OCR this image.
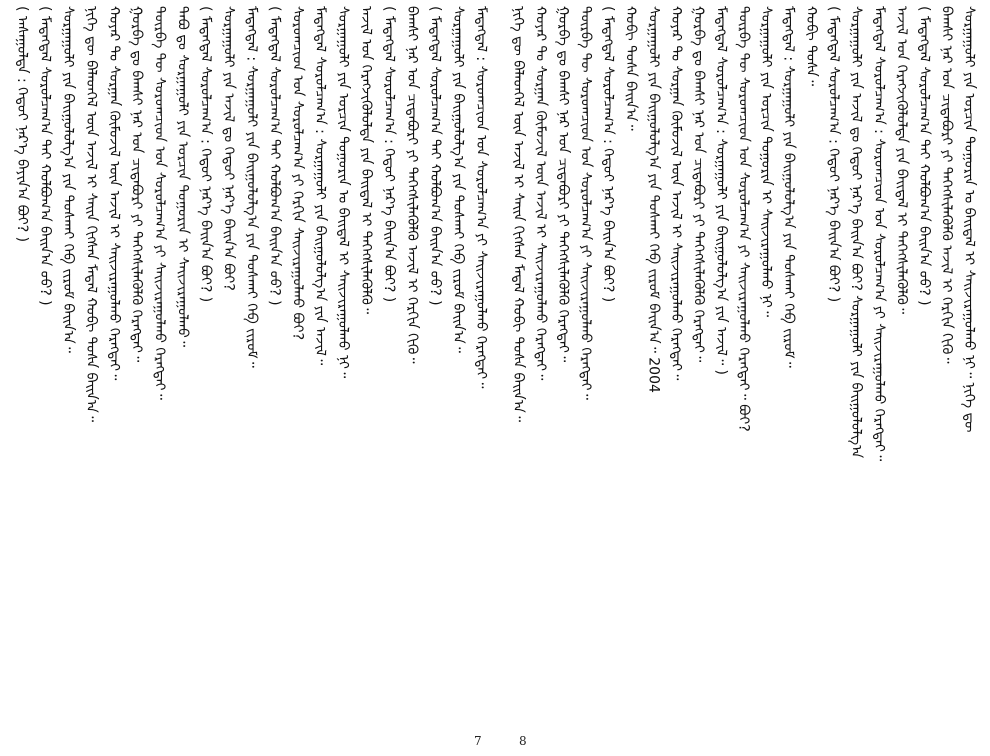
( ᠠᠰᠠᠭᠤᠯᠲᠠ : ᠬᠡᠳᠦᠢ ᠨᠡᠷ᠎ᠡ ᠪᠠᠶᠢᠨ᠎ᠠ ᠪᠤᠢ? ) ( ᠮᠡᠳᠡᠭᠳᠡᠯ ᠰᠤᠷᠤᠯᠴᠠᠭ᠎ᠠ ᠲᠠᠢ ᠬᠤᠯᠪᠤᠭ᠎ᠠ ᠪᠠᠢᠨ᠎ᠠ ᠤᠤ? ) ᠰᠤᠷᠭᠠᠭᠤᠯᠢ ᠶᠢᠨ ᠪᠠᠢᠭᠤᠯᠤᠯᠭ᠎ᠠ ᠶᠢᠨ ᠲᠤᠰᠬᠠᠢ ᠬᠡᠪ ᠵᠢᠷᠤᠮ ᠪᠠᠢᠨ᠎ᠠ᠃ ᠨᠢᠭᠡ ᠳᠦ ᠪᠡᠯᠡᠳᠬᠡᠯ ᠦᠨ ᠠᠵᠢᠯ ᠢ ᠰᠠᠢᠨ ᠬᠢᠭᠰᠡᠨ ᠮᠠᠲᠠᠯ ᠬᠤᠪᠢ ᠲᠤᠰᠠ ᠪᠠᠢᠨ᠎ᠠ᠃ ᠬᠤᠶᠠᠷ ᠲᠤ ᠰᠤᠷᠭᠠᠨ ᠬᠦᠮᠦᠵᠢᠯ ᠦᠨ ᠠᠵᠢᠯ ᠢ ᠰᠠᠢᠵᠢᠷᠠᠭᠤᠯᠬᠤ ᠬᠡᠷᠡᠭᠲᠡᠢ᠃ ᠭᠤᠷᠪᠠ ᠳᠤ ᠪᠠᠭᠰᠢ ᠨᠠᠷ ᠤᠨ ᠴᠢᠳᠠᠪᠤᠷᠢ ᠶᠢ ᠳᠡᠭᠡᠭᠰᠢᠯᠡᠭᠦᠯᠬᠦ ᠬᠡᠷᠡᠭᠲᠡᠢ᠃ ᠳᠦᠷᠪᠡ ᠲᠦ ᠰᠤᠷᠤᠭᠴᠢᠳ ᠤᠨ ᠰᠤᠷᠤᠯᠴᠠᠭ᠎ᠠ ᠶᠢ ᠰᠠᠢᠵᠢᠷᠠᠭᠤᠯᠬᠤ ᠬᠡᠷᠡᠭᠲᠡᠢ᠃ ᠲᠠᠪᠤ ᠳᠤ ᠰᠤᠷᠭᠠᠭᠤᠯᠢ ᠶᠢᠨ ᠣᠷᠴᠢᠨ ᠲᠣᠭᠣᠷᠢᠨ ᠢ ᠰᠠᠢᠵᠢᠷᠠᠭᠤᠯᠬᠤ᠃ ( ᠮᠡᠳᠡᠭᠳᠡᠯ ᠰᠤᠷᠤᠯᠴᠠᠭ᠎ᠠ : ᠬᠡᠳᠦᠢ ᠨᠡᠷ᠎ᠡ ᠪᠠᠢᠨ᠎ᠠ ᠪᠤᠢ? ) ᠰᠤᠷᠭᠠᠭᠤᠯᠢ ᠶᠢᠨ ᠠᠵᠢᠯ ᠳᠤ ᠬᠡᠳᠦᠢ ᠨᠡᠷ᠎ᠡ ᠪᠠᠢᠨ᠎ᠠ ᠪᠤᠢ? ᠮᠡᠳᠡᠭᠳᠡᠯ : ᠰᠤᠷᠭᠠᠭᠤᠯᠢ ᠶᠢᠨ ᠪᠠᠢᠭᠤᠯᠤᠯᠭ᠎ᠠ ᠶᠢᠨ ᠲᠤᠰᠬᠠᠢ ᠬᠡᠪ ᠵᠢᠷᠤᠮ᠃ ( ᠮᠡᠳᠡᠭᠳᠡᠯ ᠰᠤᠷᠤᠯᠴᠠᠭ᠎ᠠ ᠲᠠᠢ ᠬᠤᠯᠪᠤᠭ᠎ᠠ ᠪᠠᠢᠨ᠎ᠠ ᠤᠤ? ) ᠰᠤᠷᠤᠭᠴᠢᠳ ᠤᠨ ᠰᠤᠷᠤᠯᠴᠠᠭ᠎ᠠ ᠶᠢ ᠬᠡᠷᠬᠢᠨ ᠰᠠᠢᠵᠢᠷᠠᠭᠤᠯᠬᠤ ᠪᠤᠢ? ᠮᠡᠳᠡᠭᠳᠡᠯ ᠰᠤᠷᠤᠯᠴᠠᠭ᠎ᠠ : ᠰᠤᠷᠭᠠᠭᠤᠯᠢ ᠶᠢᠨ ᠪᠠᠢᠭᠤᠯᠤᠯᠭ᠎ᠠ ᠶᠢᠨ ᠠᠵᠢᠯ᠃ ᠰᠤᠷᠭᠠᠭᠤᠯᠢ ᠶᠢᠨ ᠣᠷᠴᠢᠨ ᠲᠣᠭᠣᠷᠢᠨ ᠤ ᠪᠠᠢᠳᠠᠯ ᠢ ᠰᠠᠢᠵᠢᠷᠠᠭᠤᠯᠬᠤ ᠨᠢ᠃ ᠠᠵᠢᠯ ᠤᠨ ᠬᠡᠷᠡᠭᠵᠢᠭᠦᠯᠦᠯᠲᠡ ᠶᠢᠨ ᠪᠠᠢᠳᠠᠯ ᠢ ᠳᠡᠭᠡᠭᠰᠢᠯᠡᠭᠦᠯᠬᠦ᠃ ( ᠮᠡᠳᠡᠭᠳᠡᠯ ᠰᠤᠷᠤᠯᠴᠠᠭ᠎ᠠ : ᠬᠡᠳᠦᠢ ᠨᠡᠷ᠎ᠡ ᠪᠠᠢᠨ᠎ᠠ ᠪᠤᠢ? ) ᠪᠠᠭᠰᠢ ᠨᠠᠷ ᠤᠨ ᠴᠢᠳᠠᠪᠤᠷᠢ ᠶᠢ ᠳᠡᠭᠡᠭᠰᠢᠯᠡᠭᠦᠯᠬᠦ ᠠᠵᠢᠯ ᠢ ᠬᠡᠷᠬᠢᠨ ᠬᠢᠬᠦ᠃ ( ᠮᠡᠳᠡᠭᠳᠡᠯ ᠰᠤᠷᠤᠯᠴᠠᠭ᠎ᠠ ᠲᠠᠢ ᠬᠤᠯᠪᠤᠭ᠎ᠠ ᠪᠠᠢᠨ᠎ᠠ ᠤᠤ? ) ᠰᠤᠷᠭᠠᠭᠤᠯᠢ ᠶᠢᠨ ᠪᠠᠢᠭᠤᠯᠤᠯᠭ᠎ᠠ ᠶᠢᠨ ᠲᠤᠰᠬᠠᠢ ᠬᠡᠪ ᠵᠢᠷᠤᠮ ᠪᠠᠢᠨ᠎ᠠ᠃ ᠮᠡᠳᠡᠭᠳᠡᠯ : ᠰᠤᠷᠤᠭᠴᠢᠳ ᠤᠨ ᠰᠤᠷᠤᠯᠴᠠᠭ᠎ᠠ ᠶᠢ ᠰᠠᠢᠵᠢᠷᠠᠭᠤᠯᠬᠤ ᠬᠡᠷᠡᠭᠲᠡᠢ᠃ ᠨᠢᠭᠡ ᠳᠦ ᠪᠡᠯᠡᠳᠬᠡᠯ ᠦᠨ ᠠᠵᠢᠯ ᠢ ᠰᠠᠢᠨ ᠬᠢᠭᠰᠡᠨ ᠮᠠᠲᠠᠯ ᠬᠤᠪᠢ ᠲᠤᠰᠠ ᠪᠠᠢᠨ᠎ᠠ᠃ ᠬᠤᠶᠠᠷ ᠲᠤ ᠰᠤᠷᠭᠠᠨ ᠬᠦᠮᠦᠵᠢᠯ ᠦᠨ ᠠᠵᠢᠯ ᠢ ᠰᠠᠢᠵᠢᠷᠠᠭᠤᠯᠬᠤ ᠬᠡᠷᠡᠭᠲᠡᠢ᠃ ᠭᠤᠷᠪᠠ ᠳᠤ ᠪᠠᠭᠰᠢ ᠨᠠᠷ ᠤᠨ ᠴᠢᠳᠠᠪᠤᠷᠢ ᠶᠢ ᠳᠡᠭᠡᠭᠰᠢᠯᠡᠭᠦᠯᠬᠦ ᠬᠡᠷᠡᠭᠲᠡᠢ᠃ ᠳᠦᠷᠪᠡ ᠲᠦ ᠰᠤᠷᠤᠭᠴᠢᠳ ᠤᠨ ᠰᠤᠷᠤᠯᠴᠠᠭ᠎ᠠ ᠶᠢ ᠰᠠᠢᠵᠢᠷᠠᠭᠤᠯᠬᠤ ᠬᠡᠷᠡᠭᠲᠡᠢ᠃ ( ᠮᠡᠳᠡᠭᠳᠡᠯ ᠰᠤᠷᠤᠯᠴᠠᠭ᠎ᠠ : ᠬᠡᠳᠦᠢ ᠨᠡᠷ᠎ᠡ ᠪᠠᠢᠨ᠎ᠠ ᠪᠤᠢ? ) ᠬᠤᠪᠢ ᠲᠤᠰᠠ ᠪᠠᠢᠨ᠎ᠠ᠃ ᠰᠤᠷᠭᠠᠭᠤᠯᠢ ᠶᠢᠨ ᠪᠠᠢᠭᠤᠯᠤᠯᠭ᠎ᠠ ᠶᠢᠨ ᠲᠤᠰᠬᠠᠢ ᠬᠡᠪ ᠵᠢᠷᠤᠮ ᠪᠠᠢᠨ᠎ᠠ᠃ 2004 ᠬᠤᠶᠠᠷ ᠲᠤ ᠰᠤᠷᠭᠠᠨ ᠬᠦᠮᠦᠵᠢᠯ ᠦᠨ ᠠᠵᠢᠯ ᠢ ᠰᠠᠢᠵᠢᠷᠠᠭᠤᠯᠬᠤ ᠬᠡᠷᠡᠭᠲᠡᠢ᠃ ᠭᠤᠷᠪᠠ ᠳᠤ ᠪᠠᠭᠰᠢ ᠨᠠᠷ ᠤᠨ ᠴᠢᠳᠠᠪᠤᠷᠢ ᠶᠢ ᠳᠡᠭᠡᠭᠰᠢᠯᠡᠭᠦᠯᠬᠦ ᠬᠡᠷᠡᠭᠲᠡᠢ᠃ ᠮᠡᠳᠡᠭᠳᠡᠯ ᠰᠤᠷᠤᠯᠴᠠᠭ᠎ᠠ : ᠰᠤᠷᠭᠠᠭᠤᠯᠢ ᠶᠢᠨ ᠪᠠᠢᠭᠤᠯᠤᠯᠭ᠎ᠠ ᠶᠢᠨ ᠠᠵᠢᠯ᠃ ) ᠳᠦᠷᠪᠡ ᠲᠦ ᠰᠤᠷᠤᠭᠴᠢᠳ ᠤᠨ ᠰᠤᠷᠤᠯᠴᠠᠭ᠎ᠠ ᠶᠢ ᠰᠠᠢᠵᠢᠷᠠᠭᠤᠯᠬᠤ ᠬᠡᠷᠡᠭᠲᠡᠢ᠃ ᠪᠤᠢ? ᠰᠤᠷᠭᠠᠭᠤᠯᠢ ᠶᠢᠨ ᠣᠷᠴᠢᠨ ᠲᠣᠭᠣᠷᠢᠨ ᠢ ᠰᠠᠢᠵᠢᠷᠠᠭᠤᠯᠬᠤ ᠨᠢ᠃ ᠮᠡᠳᠡᠭᠳᠡᠯ : ᠰᠤᠷᠭᠠᠭᠤᠯᠢ ᠶᠢᠨ ᠪᠠᠢᠭᠤᠯᠤᠯᠭ᠎ᠠ ᠶᠢᠨ ᠲᠤᠰᠬᠠᠢ ᠬᠡᠪ ᠵᠢᠷᠤᠮ᠃ ᠬᠤᠪᠢ ᠲᠤᠰᠠ᠃ ( ᠮᠡᠳᠡᠭᠳᠡᠯ ᠰᠤᠷᠤᠯᠴᠠᠭ᠎ᠠ : ᠬᠡᠳᠦᠢ ᠨᠡᠷ᠎ᠡ ᠪᠠᠢᠨ᠎ᠠ ᠪᠤᠢ? ) ᠰᠤᠷᠭᠠᠭᠤᠯᠢ ᠶᠢᠨ ᠠᠵᠢᠯ ᠳᠤ ᠬᠡᠳᠦᠢ ᠨᠡᠷ᠎ᠡ ᠪᠠᠢᠨ᠎ᠠ ᠪᠤᠢ? ᠰᠤᠷᠭᠠᠭᠤᠯᠢ ᠶᠢᠨ ᠪᠠᠢᠭᠤᠯᠤᠯᠭ᠎ᠠ ᠮᠡᠳᠡᠭᠳᠡᠯ ᠰᠤᠷᠤᠯᠴᠠᠭ᠎ᠠ : ᠰᠤᠷᠤᠭᠴᠢᠳ ᠤᠨ ᠰᠤᠷᠤᠯᠴᠠᠭ᠎ᠠ ᠶᠢ ᠰᠠᠢᠵᠢᠷᠠᠭᠤᠯᠬᠤ ᠬᠡᠷᠡᠭᠲᠡᠢ᠃ ᠠᠵᠢᠯ ᠤᠨ ᠬᠡᠷᠡᠭᠵᠢᠭᠦᠯᠦᠯᠲᠡ ᠶᠢᠨ ᠪᠠᠢᠳᠠᠯ ᠢ ᠳᠡᠭᠡᠭᠰᠢᠯᠡᠭᠦᠯᠬᠦ᠃ ( ᠮᠡᠳᠡᠭᠳᠡᠯ ᠰᠤᠷᠤᠯᠴᠠᠭ᠎ᠠ ᠲᠠᠢ ᠬᠤᠯᠪᠤᠭ᠎ᠠ ᠪᠠᠢᠨ᠎ᠠ ᠤᠤ? ) ᠪᠠᠭᠰᠢ ᠨᠠᠷ ᠤᠨ ᠴᠢᠳᠠᠪᠤᠷᠢ ᠶᠢ ᠳᠡᠭᠡᠭᠰᠢᠯᠡᠭᠦᠯᠬᠦ ᠠᠵᠢᠯ ᠢ ᠬᠡᠷᠬᠢᠨ ᠬᠢᠬᠦ᠃ ᠰᠤᠷᠭᠠᠭᠤᠯᠢ ᠶᠢᠨ ᠣᠷᠴᠢᠨ ᠲᠣᠭᠣᠷᠢᠨ ᠤ ᠪᠠᠢᠳᠠᠯ ᠢ ᠰᠠᠢᠵᠢᠷᠠᠭᠤᠯᠬᠤ ᠨᠢ᠃ ᠨᠢᠭᠡ ᠳᠦ
7	8
